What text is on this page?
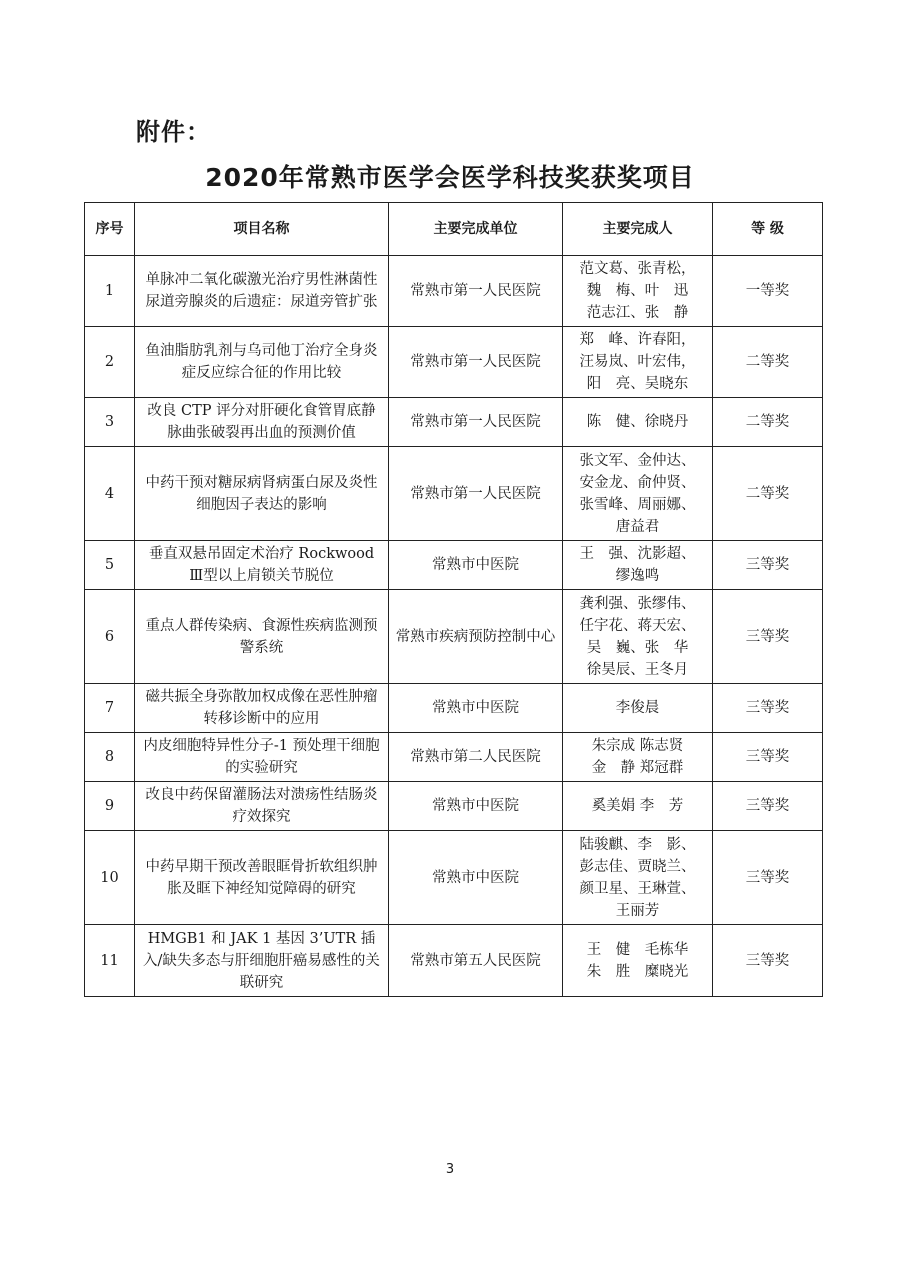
附件：
2020年常熟市医学会医学科技奖获奖项目
序号	项目名称	主要完成单位	主要完成人	等 级
1	单脉冲二氧化碳激光治疗男性淋菌性尿道旁腺炎的后遗症：尿道旁管扩张	常熟市第一人民医院	范文葛、张青松，
魏　梅、叶　迅
范志江、张　静	一等奖
2	鱼油脂肪乳剂与乌司他丁治疗全身炎症反应综合征的作用比较	常熟市第一人民医院	郑　峰、许春阳，
汪易岚、叶宏伟，
阳　亮、吴晓东	二等奖
3	改良 CTP 评分对肝硬化食管胃底静脉曲张破裂再出血的预测价值	常熟市第一人民医院	陈　健、徐晓丹	二等奖
4	中药干预对糖尿病肾病蛋白尿及炎性细胞因子表达的影响	常熟市第一人民医院	张文军、金仲达、
安金龙、俞仲贤、
张雪峰、周丽娜、
唐益君	二等奖
5	垂直双悬吊固定术治疗 Rockwood Ⅲ型以上肩锁关节脱位	常熟市中医院	王　强、沈影超、
缪逸鸣	三等奖
6	重点人群传染病、食源性疾病监测预警系统	常熟市疾病预防控制中心	龚利强、张缪伟、
任宇花、蒋天宏、
吴　巍、张　华
徐昊辰、王冬月	三等奖
7	磁共振全身弥散加权成像在恶性肿瘤转移诊断中的应用	常熟市中医院	李俊晨	三等奖
8	内皮细胞特异性分子-1 预处理干细胞的实验研究	常熟市第二人民医院	朱宗成 陈志贤
金　静 郑冠群	三等奖
9	改良中药保留灌肠法对溃疡性结肠炎疗效探究	常熟市中医院	奚美娟 李　芳	三等奖
10	中药早期干预改善眼眶骨折软组织肿胀及眶下神经知觉障碍的研究	常熟市中医院	陆骏麒、李　影、
彭志佳、贾晓兰、
颜卫星、王琳萱、
王丽芳	三等奖
11	HMGB1 和 JAK 1 基因 3’UTR 插入/缺失多态与肝细胞肝癌易感性的关联研究	常熟市第五人民医院	王　健　毛栋华
朱　胜　糜晓光	三等奖
3
